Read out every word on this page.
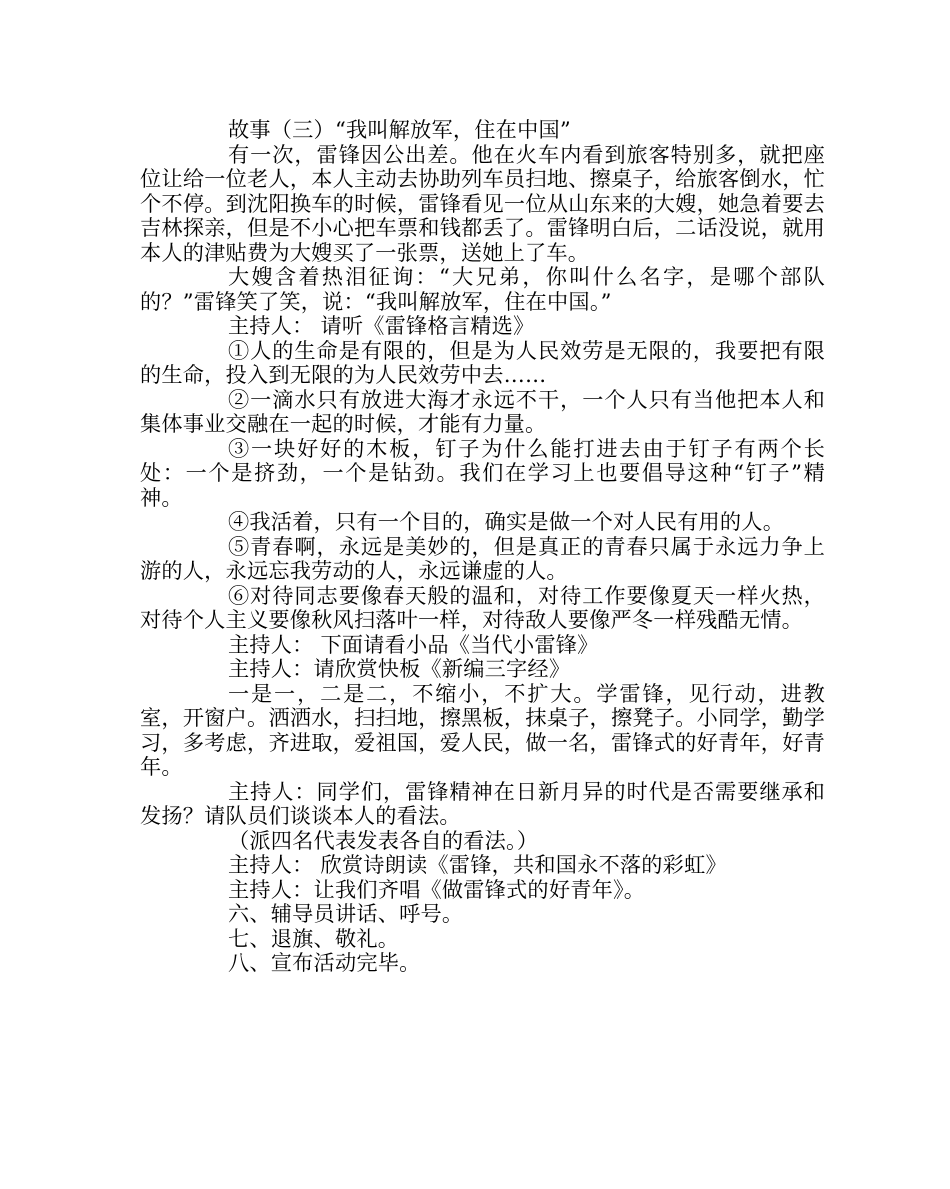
故事（三）“我叫解放军，住在中国”

有一次，雷锋因公出差。他在火车内看到旅客特别多，就把座位让给一位老人，本人主动去协助列车员扫地、擦桌子，给旅客倒水，忙个不停。到沈阳换车的时候，雷锋看见一位从山东来的大嫂，她急着要去吉林探亲，但是不小心把车票和钱都丢了。雷锋明白后，二话没说，就用本人的津贴费为大嫂买了一张票，送她上了车。

大嫂含着热泪征询：“大兄弟，你叫什么名字，是哪个部队的？”雷锋笑了笑，说：“我叫解放军，住在中国。”

主持人： 请听《雷锋格言精选》

①人的生命是有限的，但是为人民效劳是无限的，我要把有限的生命，投入到无限的为人民效劳中去……

②一滴水只有放进大海才永远不干，一个人只有当他把本人和集体事业交融在一起的时候，才能有力量。

③一块好好的木板，钉子为什么能打进去由于钉子有两个长处：一个是挤劲，一个是钻劲。我们在学习上也要倡导这种“钉子”精神。

④我活着，只有一个目的，确实是做一个对人民有用的人。

⑤青春啊，永远是美妙的，但是真正的青春只属于永远力争上游的人，永远忘我劳动的人，永远谦虚的人。

⑥对待同志要像春天般的温和，对待工作要像夏天一样火热，对待个人主义要像秋风扫落叶一样，对待敌人要像严冬一样残酷无情。

主持人： 下面请看小品《当代小雷锋》

主持人：请欣赏快板《新编三字经》

一是一，二是二，不缩小，不扩大。学雷锋，见行动，进教室，开窗户。洒洒水，扫扫地，擦黑板，抹桌子，擦凳子。小同学，勤学习，多考虑，齐进取，爱祖国，爱人民，做一名，雷锋式的好青年，好青年。

主持人：同学们，雷锋精神在日新月异的时代是否需要继承和发扬？请队员们谈谈本人的看法。

（派四名代表发表各自的看法。）

主持人： 欣赏诗朗读《雷锋，共和国永不落的彩虹》

主持人：让我们齐唱《做雷锋式的好青年》。

六、辅导员讲话、呼号。

七、退旗、敬礼。

八、宣布活动完毕。
